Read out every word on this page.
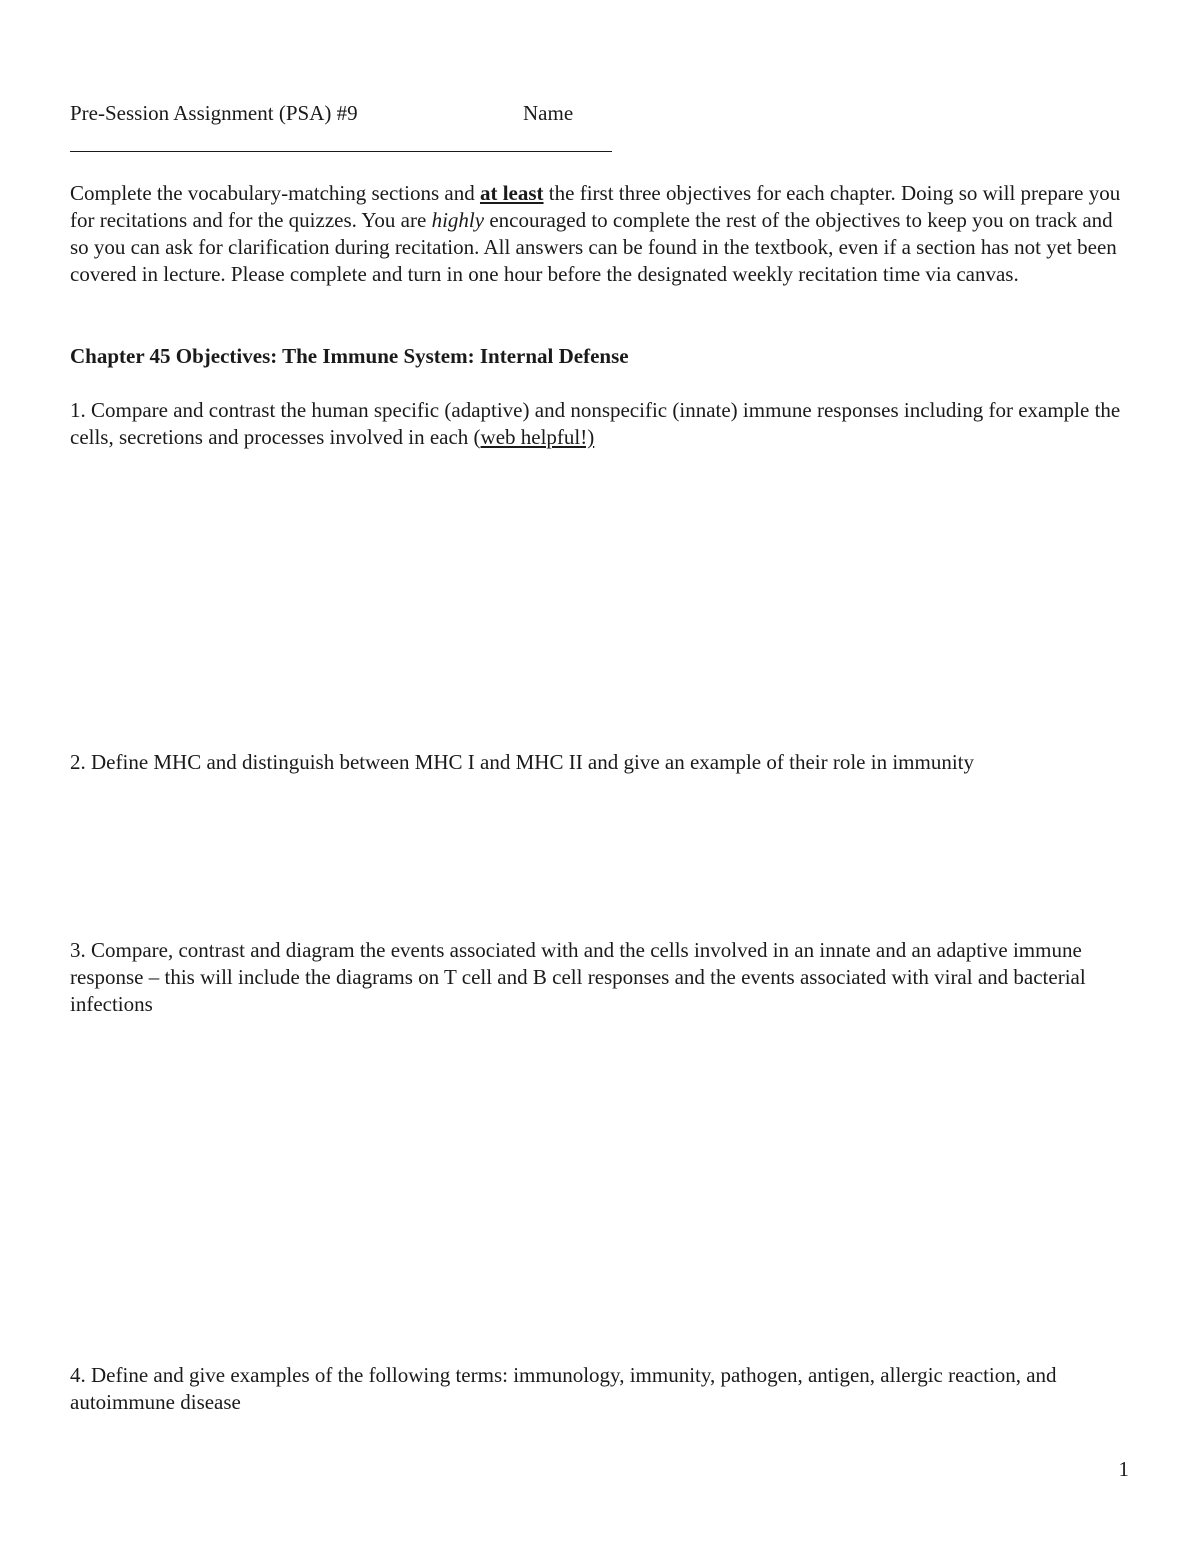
Pre-Session Assignment (PSA) #9	Name

Complete the vocabulary-matching sections and at least the first three objectives for each chapter. Doing so will prepare you for recitations and for the quizzes. You are highly encouraged to complete the rest of the objectives to keep you on track and so you can ask for clarification during recitation. All answers can be found in the textbook, even if a section has not yet been covered in lecture. Please complete and turn in one hour before the designated weekly recitation time via canvas.

Chapter 45 Objectives: The Immune System: Internal Defense

1. Compare and contrast the human specific (adaptive) and nonspecific (innate) immune responses including for example the cells, secretions and processes involved in each (web helpful!)

2. Define MHC and distinguish between MHC I and MHC II and give an example of their role in immunity

3. Compare, contrast and diagram the events associated with and the cells involved in an innate and an adaptive immune response – this will include the diagrams on T cell and B cell responses and the events associated with viral and bacterial infections

4. Define and give examples of the following terms: immunology, immunity, pathogen, antigen, allergic reaction, and autoimmune disease

1
